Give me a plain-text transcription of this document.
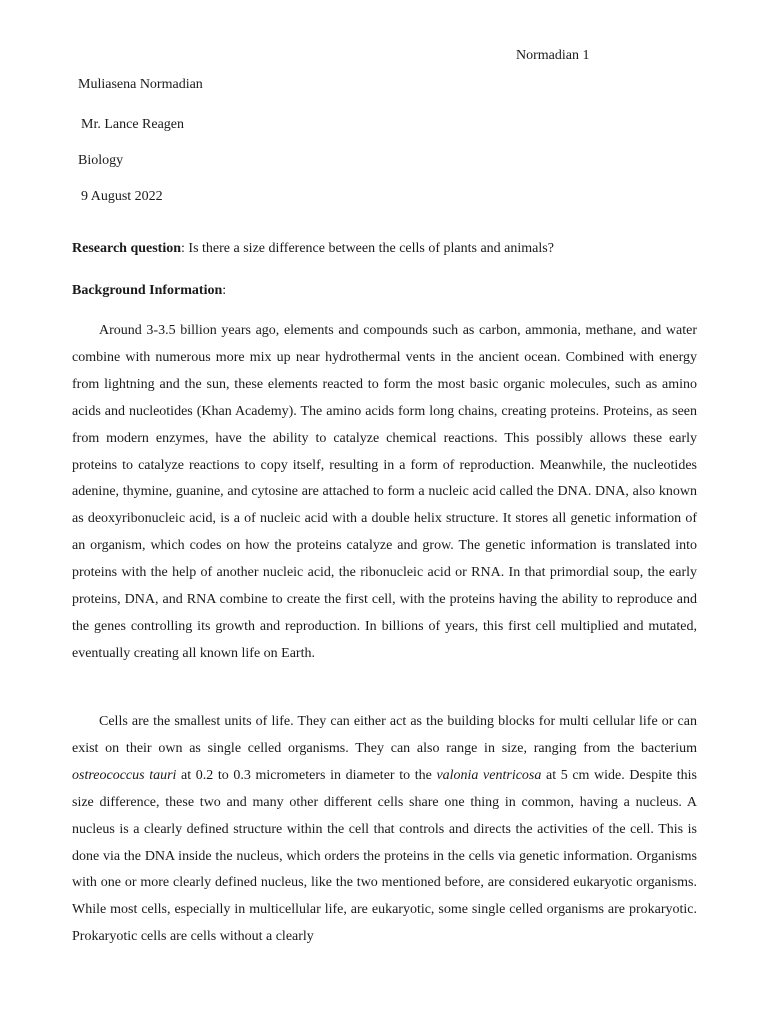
Normadian 1
Muliasena Normadian
Mr. Lance Reagen
Biology
9 August 2022
Research question: Is there a size difference between the cells of plants and animals?
Background Information:

Around 3-3.5 billion years ago, elements and compounds such as carbon, ammonia, methane, and water combine with numerous more mix up near hydrothermal vents in the ancient ocean. Combined with energy from lightning and the sun, these elements reacted to form the most basic organic molecules, such as amino acids and nucleotides (Khan Academy). The amino acids form long chains, creating proteins. Proteins, as seen from modern enzymes, have the ability to catalyze chemical reactions. This possibly allows these early proteins to catalyze reactions to copy itself, resulting in a form of reproduction. Meanwhile, the nucleotides adenine, thymine, guanine, and cytosine are attached to form a nucleic acid called the DNA. DNA, also known as deoxyribonucleic acid, is a of nucleic acid with a double helix structure. It stores all genetic information of an organism, which codes on how the proteins catalyze and grow. The genetic information is translated into proteins with the help of another nucleic acid, the ribonucleic acid or RNA. In that primordial soup, the early proteins, DNA, and RNA combine to create the first cell, with the proteins having the ability to reproduce and the genes controlling its growth and reproduction. In billions of years, this first cell multiplied and mutated, eventually creating all known life on Earth.

Cells are the smallest units of life. They can either act as the building blocks for multi cellular life or can exist on their own as single celled organisms. They can also range in size, ranging from the bacterium ostreococcus tauri at 0.2 to 0.3 micrometers in diameter to the valonia ventricosa at 5 cm wide. Despite this size difference, these two and many other different cells share one thing in common, having a nucleus. A nucleus is a clearly defined structure within the cell that controls and directs the activities of the cell. This is done via the DNA inside the nucleus, which orders the proteins in the cells via genetic information. Organisms with one or more clearly defined nucleus, like the two mentioned before, are considered eukaryotic organisms. While most cells, especially in multicellular life, are eukaryotic, some single celled organisms are prokaryotic. Prokaryotic cells are cells without a clearly
